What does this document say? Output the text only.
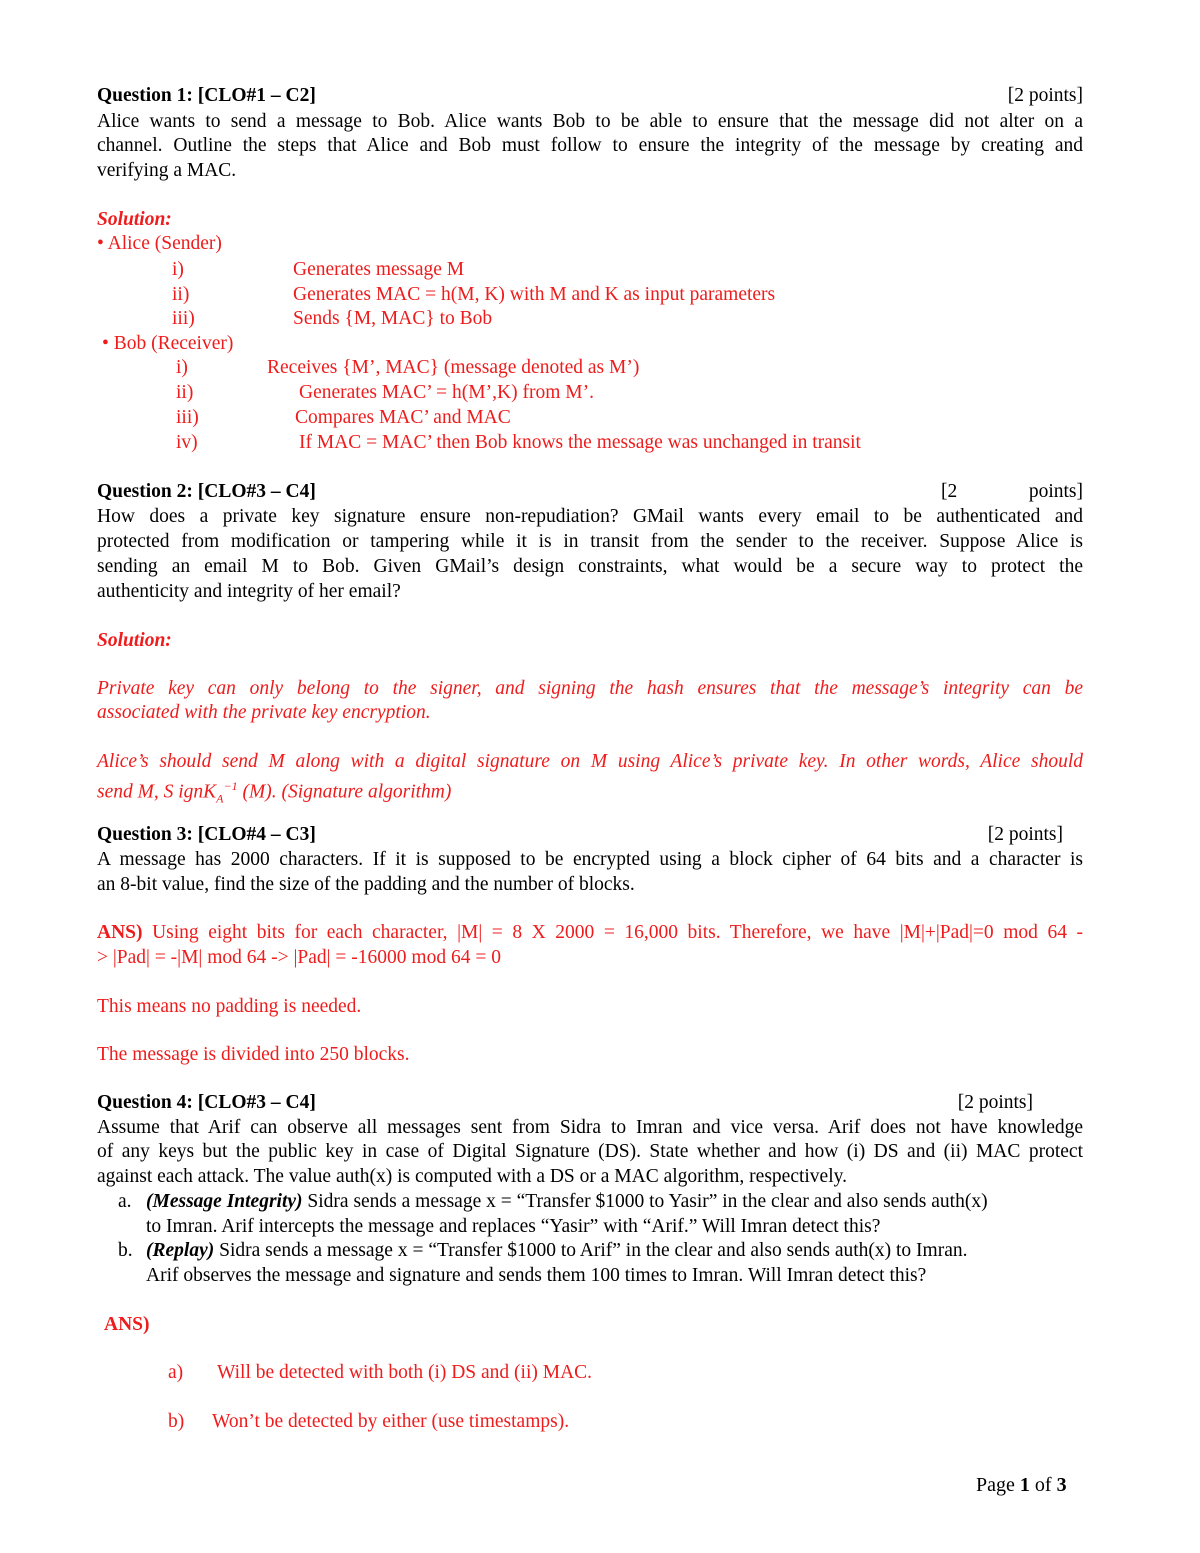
Question 1: [CLO#1 – C2]	[2 points]
Alice wants to send a message to Bob. Alice wants Bob to be able to ensure that the message did not alter on a
channel. Outline the steps that Alice and Bob must follow to ensure the integrity of the message by creating and
verifying a MAC.
Solution:
• Alice (Sender)
i)	Generates message M
ii)	Generates MAC = h(M, K) with M and K as input parameters
iii)	Sends {M, MAC} to Bob
• Bob (Receiver)
i)	Receives {M’, MAC} (message denoted as M’)
ii)	Generates MAC’ = h(M’,K) from M’.
iii)	Compares MAC’ and MAC
iv)	If MAC = MAC’ then Bob knows the message was unchanged in transit
Question 2: [CLO#3 – C4]	[2	points]
How does a private key signature ensure non-repudiation? GMail wants every email to be authenticated and
protected from modification or tampering while it is in transit from the sender to the receiver. Suppose Alice is
sending an email M to Bob. Given GMail’s design constraints, what would be a secure way to protect the
authenticity and integrity of her email?
Solution:
Private key can only belong to the signer, and signing the hash ensures that the message’s integrity can be
associated with the private key encryption.
Alice’s should send M along with a digital signature on M using Alice’s private key. In other words, Alice should
send M, S ignK$_A^{-1}$ (M). (Signature algorithm)
Question 3: [CLO#4 – C3]	[2 points]
A message has 2000 characters. If it is supposed to be encrypted using a block cipher of 64 bits and a character is
an 8-bit value, find the size of the padding and the number of blocks.
ANS) Using eight bits for each character, |M| = 8 X 2000 = 16,000 bits. Therefore, we have |M|+|Pad|=0 mod 64 -
> |Pad| = -|M| mod 64 -> |Pad| = -16000 mod 64 = 0
This means no padding is needed.
The message is divided into 250 blocks.
Question 4: [CLO#3 – C4]	[2 points]
Assume that Arif can observe all messages sent from Sidra to Imran and vice versa. Arif does not have knowledge
of any keys but the public key in case of Digital Signature (DS). State whether and how (i) DS and (ii) MAC protect
against each attack. The value auth(x) is computed with a DS or a MAC algorithm, respectively.
a. (Message Integrity) Sidra sends a message x = “Transfer $1000 to Yasir” in the clear and also sends auth(x)
to Imran. Arif intercepts the message and replaces “Yasir” with “Arif.” Will Imran detect this?
b. (Replay) Sidra sends a message x = “Transfer $1000 to Arif” in the clear and also sends auth(x) to Imran.
Arif observes the message and signature and sends them 100 times to Imran. Will Imran detect this?
ANS)
a) Will be detected with both (i) DS and (ii) MAC.
b) Won’t be detected by either (use timestamps).
Page 1 of 3
